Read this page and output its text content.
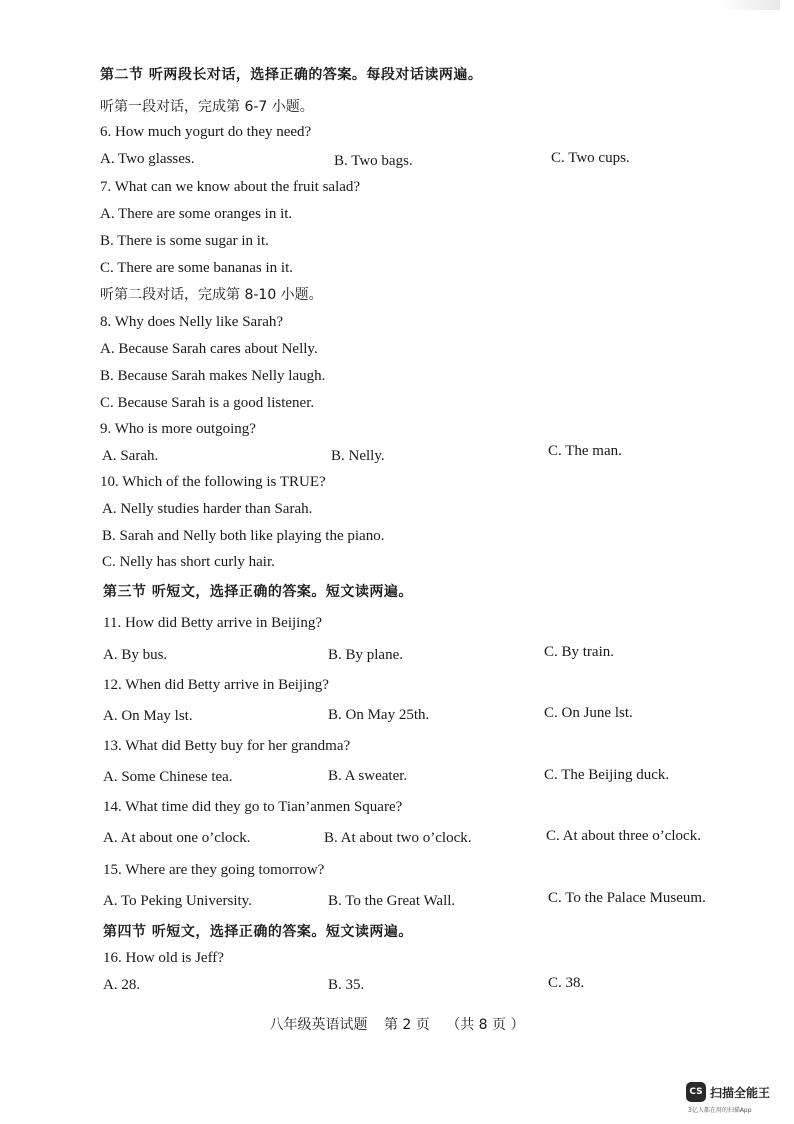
第二节 听两段长对话，选择正确的答案。每段对话读两遍。
听第一段对话，完成第 6-7 小题。
6. How much yogurt do they need?
A. Two glasses.	B. Two bags.	C. Two cups.
7. What can we know about the fruit salad?
A. There are some oranges in it.
B. There is some sugar in it.
C. There are some bananas in it.
听第二段对话，完成第 8-10 小题。
8. Why does Nelly like Sarah?
A. Because Sarah cares about Nelly.
B. Because Sarah makes Nelly laugh.
C. Because Sarah is a good listener.
9. Who is more outgoing?
A. Sarah.	B. Nelly.	C. The man.
10. Which of the following is TRUE?
A. Nelly studies harder than Sarah.
B. Sarah and Nelly both like playing the piano.
C. Nelly has short curly hair.
第三节 听短文，选择正确的答案。短文读两遍。
11. How did Betty arrive in Beijing?
A. By bus.	B. By plane.	C. By train.
12. When did Betty arrive in Beijing?
A. On May lst.	B. On May 25th.	C. On June lst.
13. What did Betty buy for her grandma?
A. Some Chinese tea.	B. A sweater.	C. The Beijing duck.
14. What time did they go to Tian’anmen Square?
A. At about one o’clock.	B. At about two o’clock.	C. At about three o’clock.
15. Where are they going tomorrow?
A. To Peking University.	B. To the Great Wall.	C. To the Palace Museum.
第四节 听短文，选择正确的答案。短文读两遍。
16. How old is Jeff?
A. 28.	B. 35.	C. 38.
八年级英语试题 第 2 页 （共 8 页 ）
CS 扫描全能王
3亿人都在用的扫描App
